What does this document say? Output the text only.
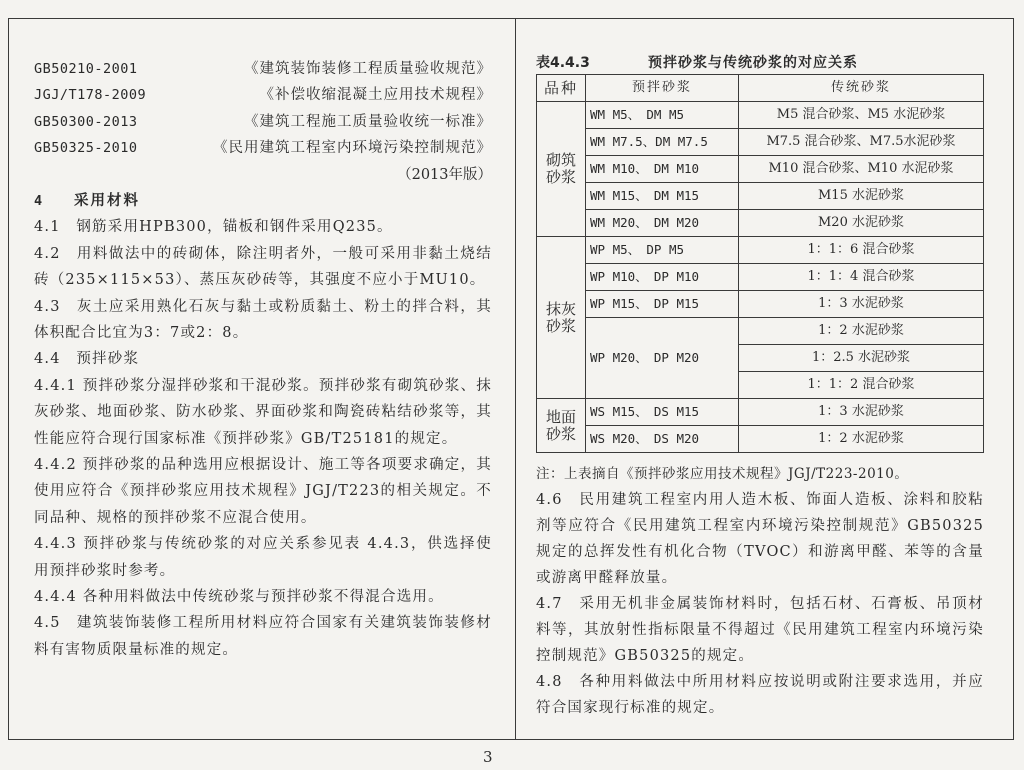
GB50210-2001	《建筑装饰装修工程质量验收规范》
JGJ/T178-2009	《补偿收缩混凝土应用技术规程》
GB50300-2013	《建筑工程施工质量验收统一标准》
GB50325-2010	《民用建筑工程室内环境污染控制规范》
（2013年版）
4 采用材料

4.1　钢筋采用HPB300，锚板和钢件采用Q235。

4.2　用料做法中的砖砌体，除注明者外，一般可采用非黏土烧结砖（235×115×53）、蒸压灰砂砖等，其强度不应小于MU10。

4.3　灰土应采用熟化石灰与黏土或粉质黏土、粉土的拌合料，其体积配合比宜为3：7或2：8。

4.4　预拌砂浆

4.4.1 预拌砂浆分湿拌砂浆和干混砂浆。预拌砂浆有砌筑砂浆、抹灰砂浆、地面砂浆、防水砂浆、界面砂浆和陶瓷砖粘结砂浆等，其性能应符合现行国家标准《预拌砂浆》GB/T25181的规定。

4.4.2 预拌砂浆的品种选用应根据设计、施工等各项要求确定，其使用应符合《预拌砂浆应用技术规程》JGJ/T223的相关规定。不同品种、规格的预拌砂浆不应混合使用。

4.4.3 预拌砂浆与传统砂浆的对应关系参见表 4.4.3，供选择使用预拌砂浆时参考。

4.4.4 各种用料做法中传统砂浆与预拌砂浆不得混合选用。

4.5　建筑装饰装修工程所用材料应符合国家有关建筑装饰装修材料有害物质限量标准的规定。

表4.4.3	预拌砂浆与传统砂浆的对应关系
品种	预拌砂浆	传统砂浆
砌筑砂浆	WM M5、　DM M5	M5 混合砂浆、M5 水泥砂浆
	WM M7.5、DM M7.5	M7.5 混合砂浆、M7.5水泥砂浆
	WM M10、　DM M10	M10 混合砂浆、M10 水泥砂浆
	WM M15、　DM M15	M15 水泥砂浆
	WM M20、　DM M20	M20 水泥砂浆
抹灰砂浆	WP M5、　DP M5	1：1：6 混合砂浆
	WP M10、　DP M10	1：1：4 混合砂浆
	WP M15、　DP M15	1：3 水泥砂浆
	WP M20、　DP M20	1：2 水泥砂浆
		1：2.5 水泥砂浆
		1：1：2 混合砂浆
地面砂浆	WS M15、　DS M15	1：3 水泥砂浆
	WS M20、　DS M20	1：2 水泥砂浆
注：上表摘自《预拌砂浆应用技术规程》JGJ/T223-2010。

4.6　民用建筑工程室内用人造木板、饰面人造板、涂料和胶粘剂等应符合《民用建筑工程室内环境污染控制规范》GB50325规定的总挥发性有机化合物（TVOC）和游离甲醛、苯等的含量或游离甲醛释放量。

4.7　采用无机非金属装饰材料时，包括石材、石膏板、吊顶材料等，其放射性指标限量不得超过《民用建筑工程室内环境污染控制规范》GB50325的规定。

4.8　各种用料做法中所用材料应按说明或附注要求选用，并应符合国家现行标准的规定。

3
